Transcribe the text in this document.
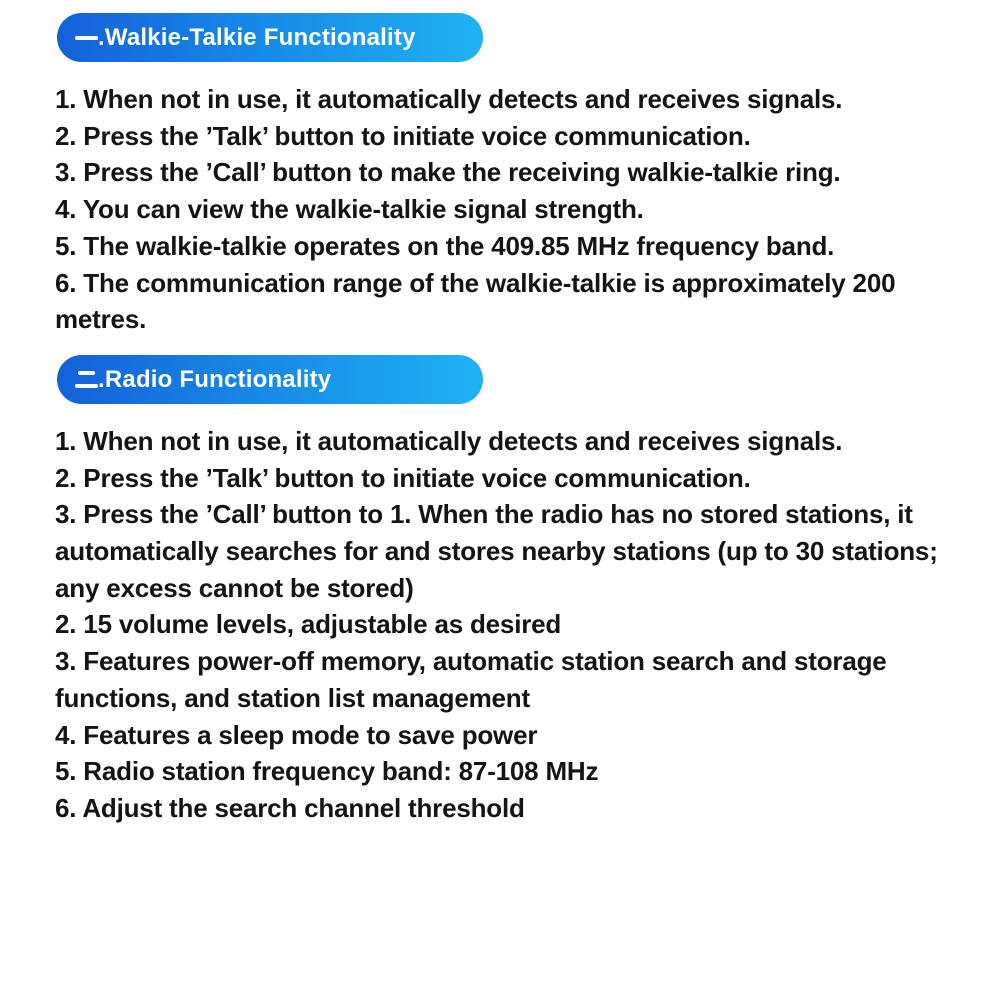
.Walkie-Talkie Functionality

1. When not in use, it automatically detects and receives signals.

2. Press the ’Talk’ button to initiate voice communication.

3. Press the ’Call’ button to make the receiving walkie-talkie ring.

4. You can view the walkie-talkie signal strength.

5. The walkie-talkie operates on the 409.85 MHz frequency band.

6. The communication range of the walkie-talkie is approximately 200 metres.

.Radio Functionality

1. When not in use, it automatically detects and receives signals.

2. Press the ’Talk’ button to initiate voice communication.

3. Press the ’Call’ button to 1. When the radio has no stored stations, it automatically searches for and stores nearby stations (up to 30 stations; any excess cannot be stored)

2. 15 volume levels, adjustable as desired

3. Features power-off memory, automatic station search and storage functions, and station list management

4. Features a sleep mode to save power

5. Radio station frequency band: 87-108 MHz

6. Adjust the search channel threshold
